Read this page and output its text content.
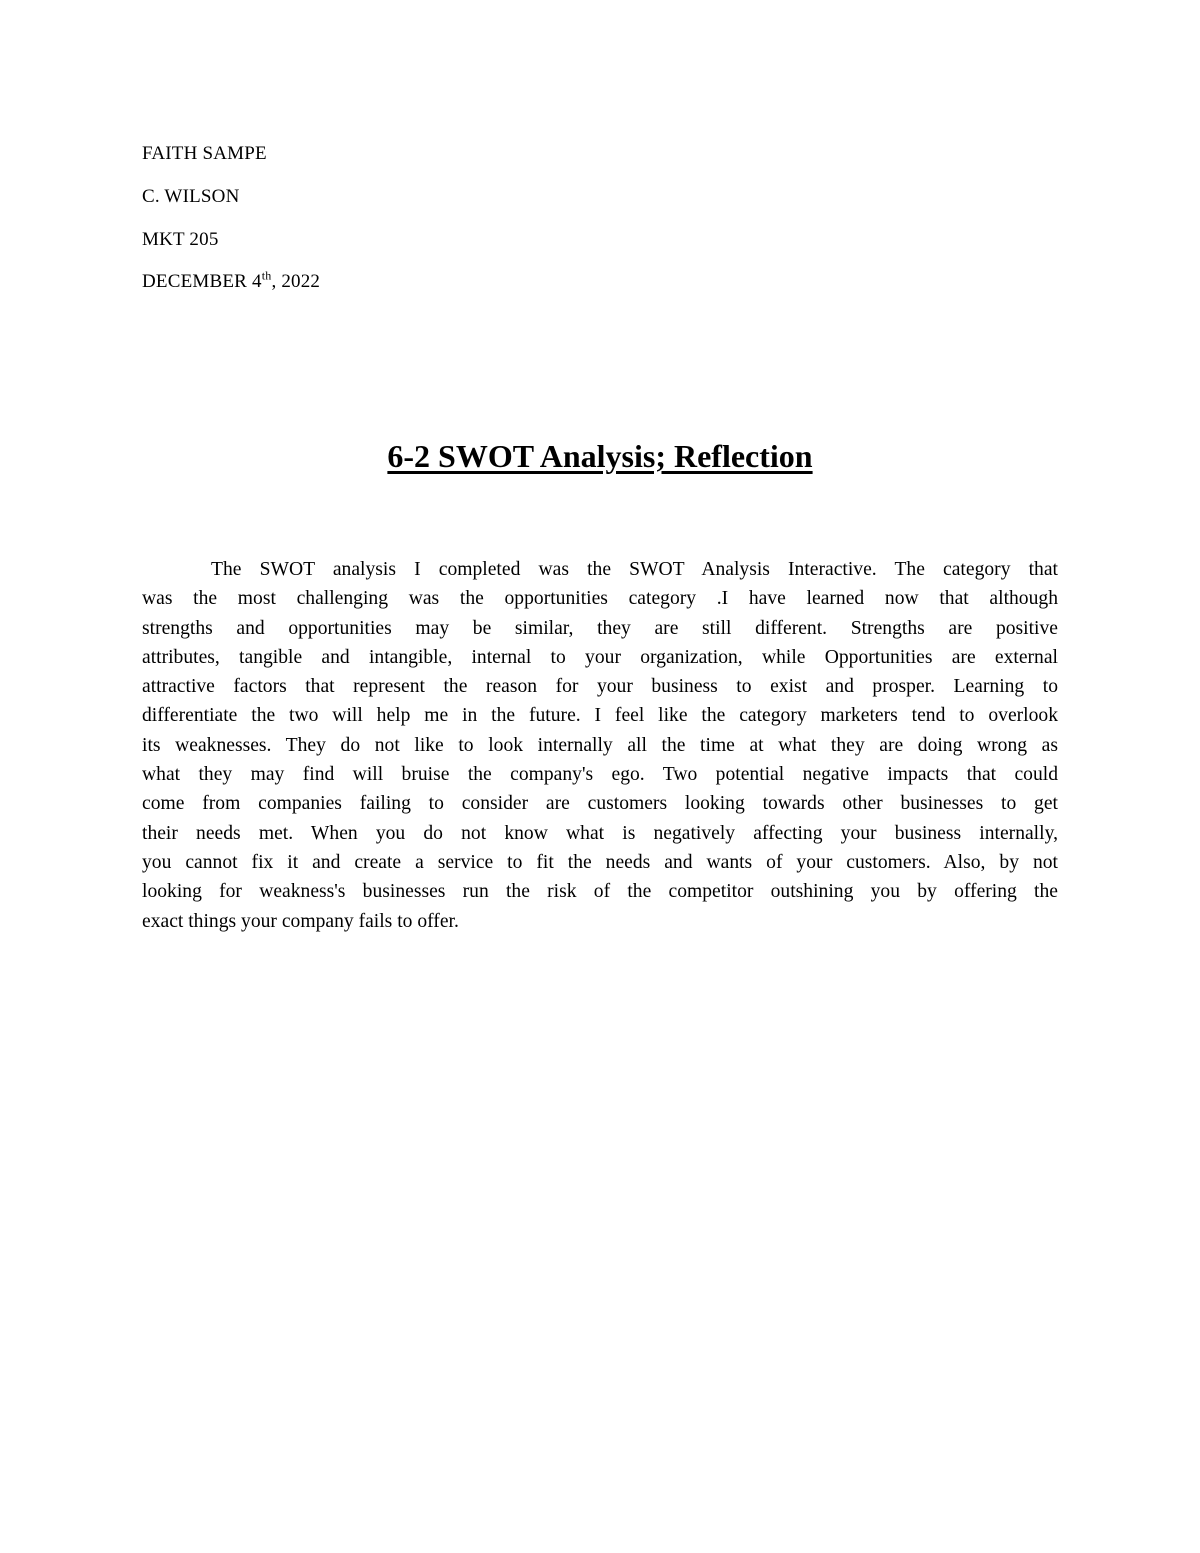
FAITH SAMPE
C. WILSON
MKT 205
DECEMBER 4th, 2022
6-2 SWOT Analysis; Reflection
The SWOT analysis I completed was the SWOT Analysis Interactive. The category that
was the most challenging was the opportunities category .I have learned now that although
strengths and opportunities may be similar, they are still different. Strengths are positive
attributes, tangible and intangible, internal to your organization, while Opportunities are external
attractive factors that represent the reason for your business to exist and prosper. Learning to
differentiate the two will help me in the future. I feel like the category marketers tend to overlook
its weaknesses. They do not like to look internally all the time at what they are doing wrong as
what they may find will bruise the company's ego. Two potential negative impacts that could
come from companies failing to consider are customers looking towards other businesses to get
their needs met. When you do not know what is negatively affecting your business internally,
you cannot fix it and create a service to fit the needs and wants of your customers. Also, by not
looking for weakness's businesses run the risk of the competitor outshining you by offering the
exact things your company fails to offer.
